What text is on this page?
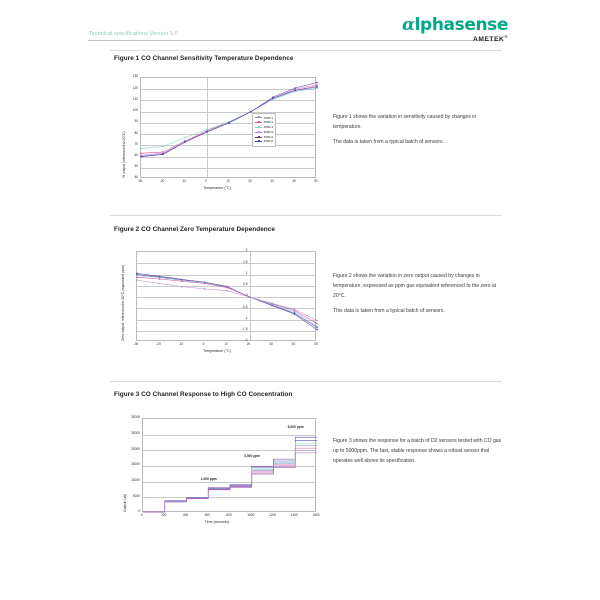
Technical specifications Version 1.0	αlphasense
AMETEK®
Figure 1 CO Channel Sensitivity Temperature Dependence
130
120
110
100
90
80
70
60
50
40
-30	-20	-10	0	10	20	30	40	50
Temperature (°C)
% output (referenced to 20°C)
4590-1
4590-2
4590-4
4590-5
4590-6
4590-8

Figure 1 shows the variation in sensitivity caused by changes in temperature.

The data is taken from a typical batch of sensors.

Figure 2 CO Channel Zero Temperature Dependence
2
1.5
1
0.5
0
-0.5
-1
-1.5
-2
-30	-20	-10	0	10	20	30	40	50
Temperature (°C)
Zero output, referenced to 20°C (equivalent ppm)	Figure 2 shows the variation in zero output caused by changes in temperature, expressed as ppm gas equivalent referenced to the zero at 20°C.

This data is taken from a typical batch of sensors.

Figure 3 CO Channel Response to High CO Concentration
30000
25000
20000
15000
10000
5000
0
0	200	400	600	800	1000	1200	1400	1600
Time (seconds)
Output (uA)
1,000 ppm
3,000 ppm
5,000 ppm

Figure 3 shows the response for a batch of D2 sensors tested with CO gas up to 5000ppm. The fast, stable response shows a robust sensor that operates well above its specification.
